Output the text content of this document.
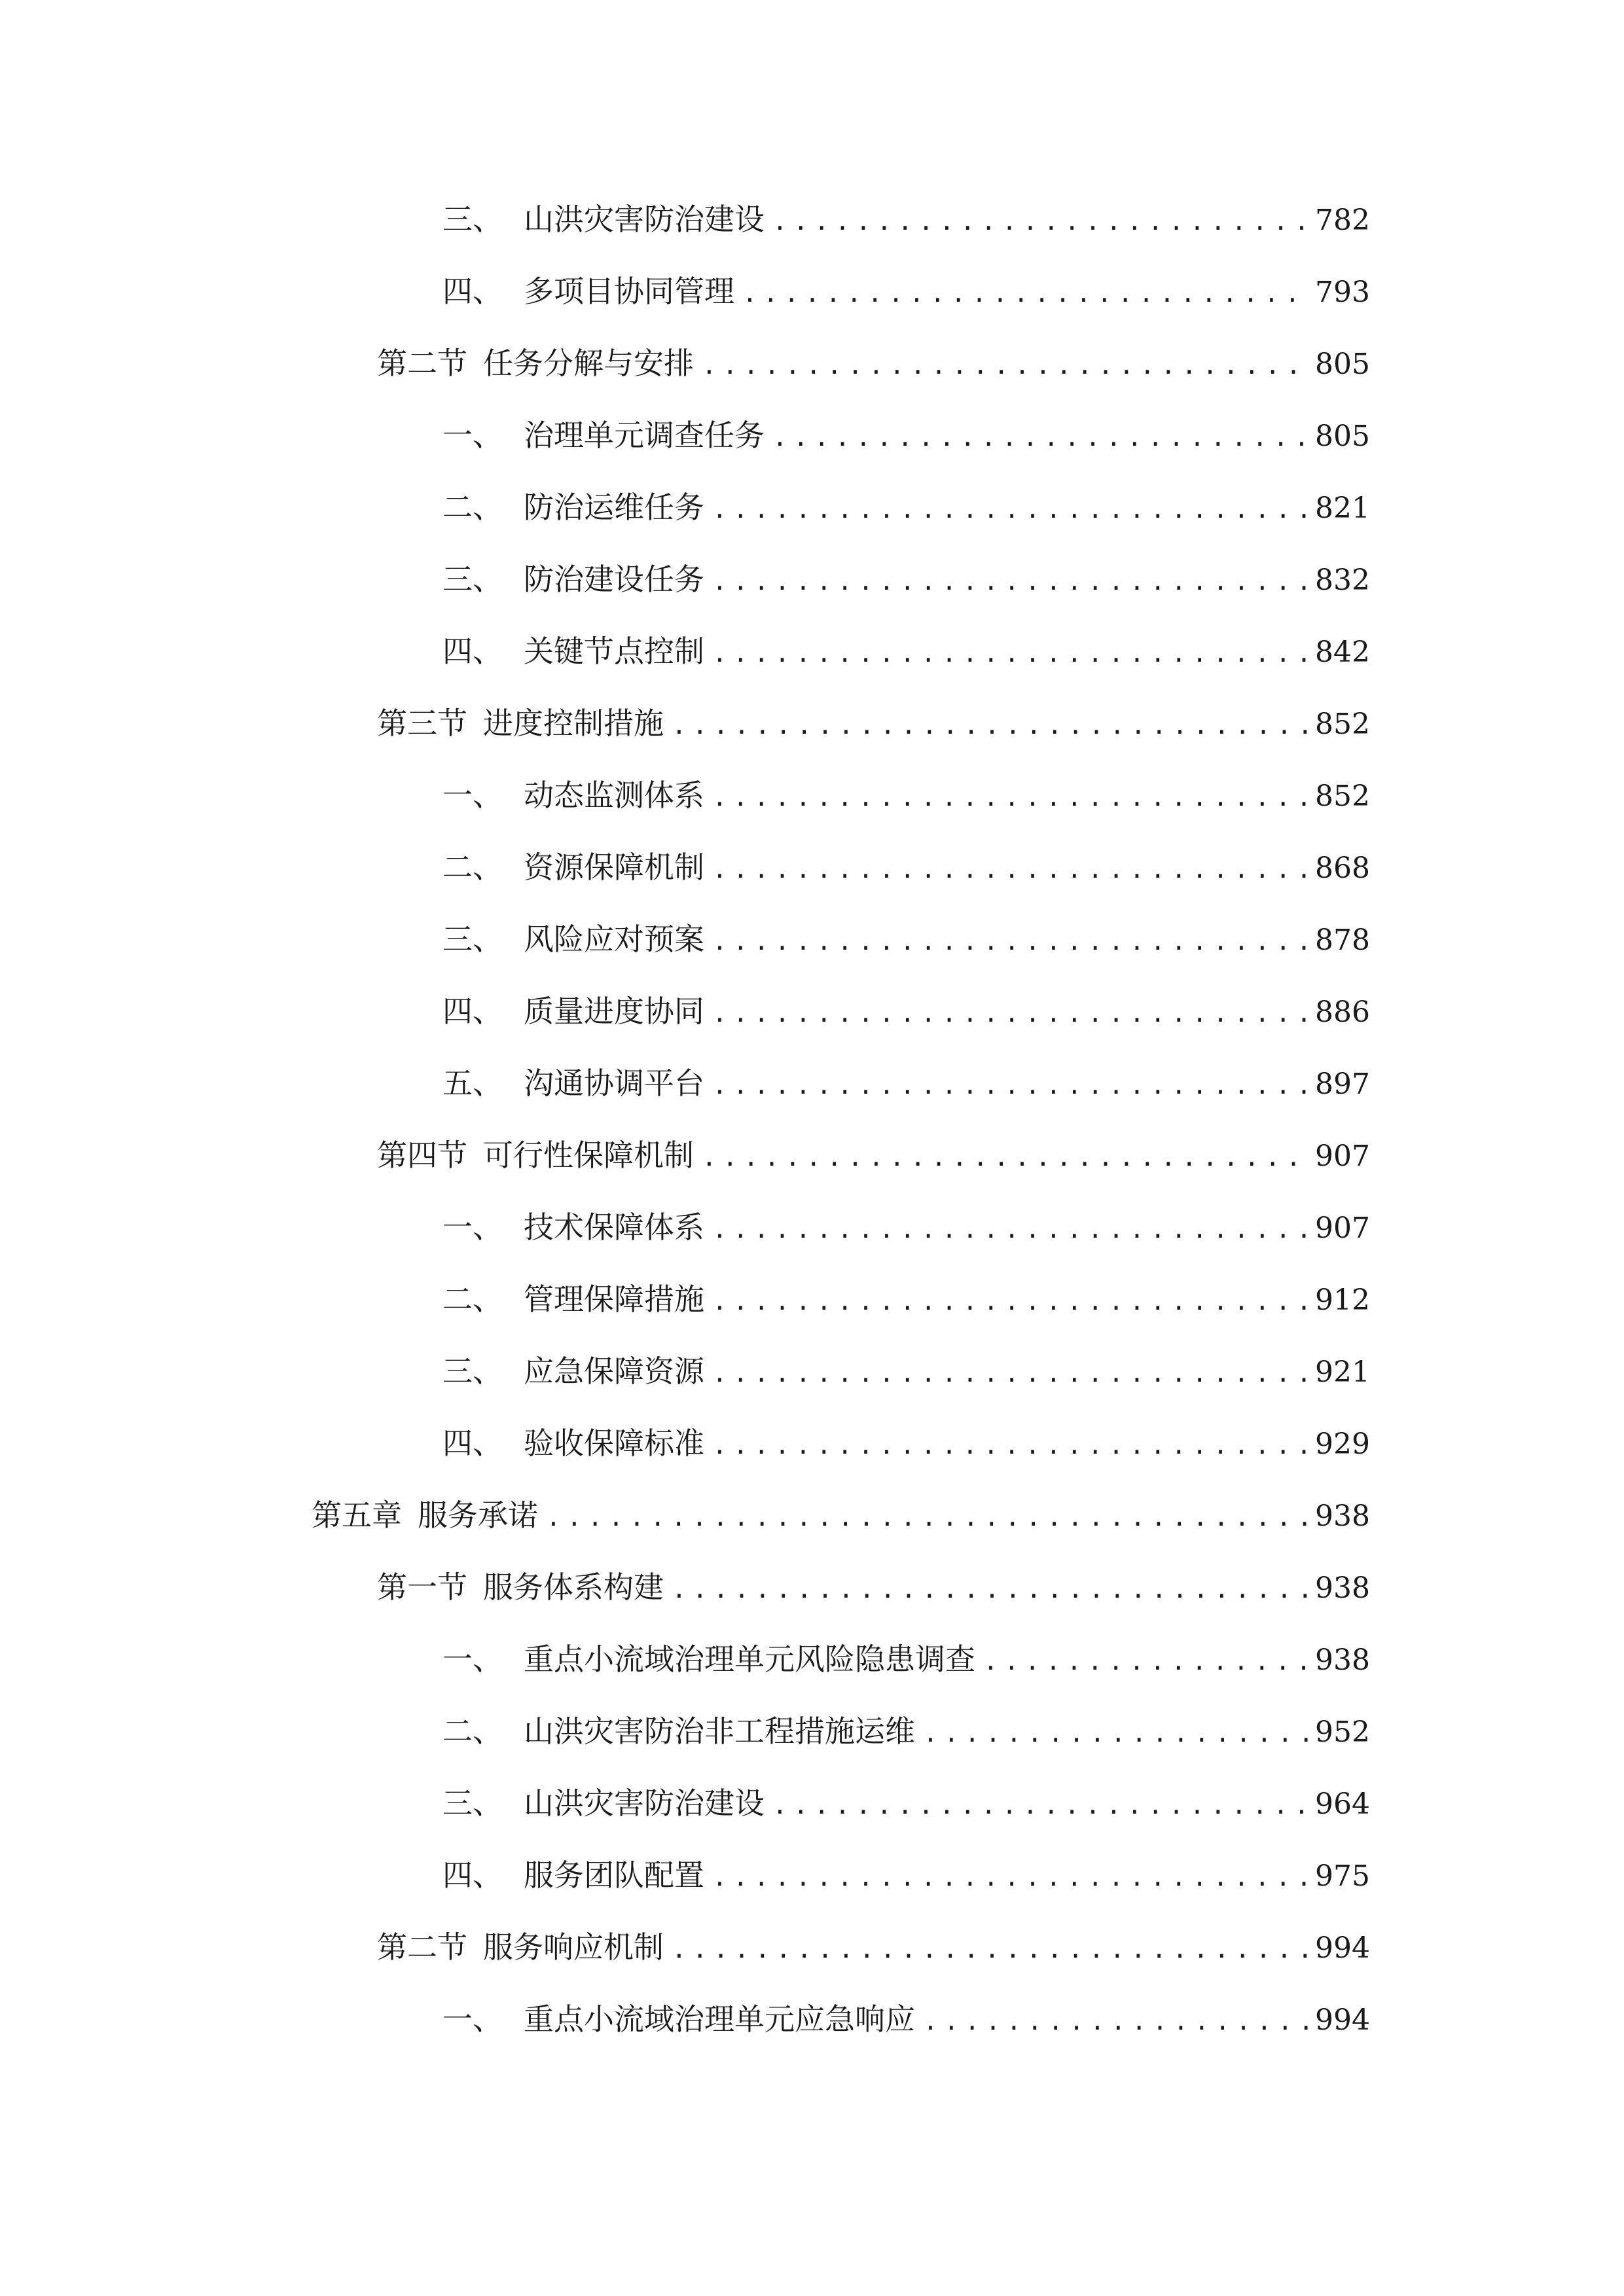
三、 山洪灾害防治建设 .....	782
四、 多项目协同管理 .....	793
第二节 任务分解与安排 .....	805
一、 治理单元调查任务 .....	805
二、 防治运维任务 .....	821
三、 防治建设任务 .....	832
四、 关键节点控制 .....	842
第三节 进度控制措施 .....	852
一、 动态监测体系 .....	852
二、 资源保障机制 .....	868
三、 风险应对预案 .....	878
四、 质量进度协同 .....	886
五、 沟通协调平台 .....	897
第四节 可行性保障机制 .....	907
一、 技术保障体系 .....	907
二、 管理保障措施 .....	912
三、 应急保障资源 .....	921
四、 验收保障标准 .....	929
第五章 服务承诺 .....	938
第一节 服务体系构建 .....	938
一、 重点小流域治理单元风险隐患调查 .....	938
二、 山洪灾害防治非工程措施运维 .....	952
三、 山洪灾害防治建设 .....	964
四、 服务团队配置 .....	975
第二节 服务响应机制 .....	994
一、 重点小流域治理单元应急响应 .....	994
